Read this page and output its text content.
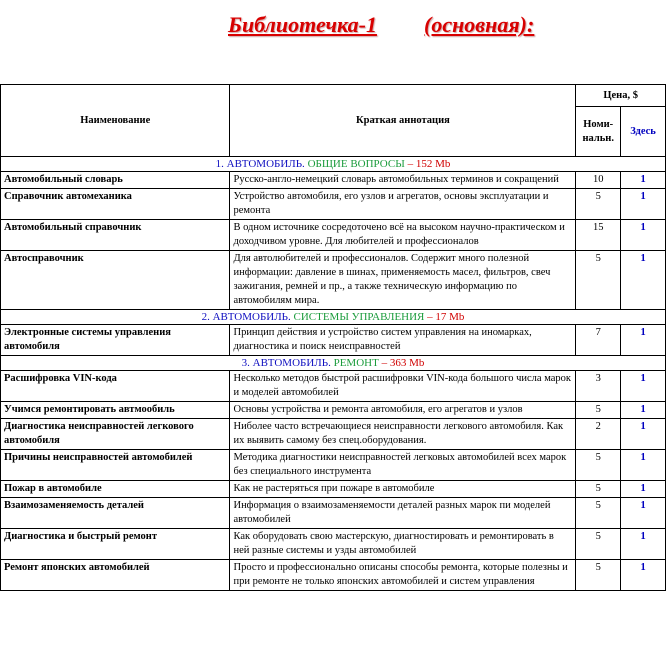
Библиотечка-1 (основная):
Наименование	Краткая аннотация	Цена, $	
		Номи-нальн.	Здесь
1. АВТОМОБИЛЬ. ОБЩИЕ ВОПРОСЫ – 152 Mb			
Автомобильный словарь	Русско-англо-немецкий словарь автомобильных терминов и сокращений	10	1
Справочник автомеханика	Устройство автомобиля, его узлов и агрегатов, основы эксплуатации и ремонта	5	1
Автомобильный справочник	В одном источнике сосредоточено всё на высоком научно-практическом и доходчивом уровне. Для любителей и профессионалов	15	1
Автосправочник	Для автолюбителей и профессионалов. Содержит много полезной информации: давление в шинах, применяемость масел, фильтров, свеч зажигания, ремней и пр., а также техническую информацию по автомобилям мира.	5	1
2. АВТОМОБИЛЬ. СИСТЕМЫ УПРАВЛЕНИЯ – 17 Mb			
Электронные системы управления автомобиля	Принцип действия и устройство систем управления на иномарках, диагностика и поиск неисправностей	7	1
3. АВТОМОБИЛЬ. РЕМОНТ – 363 Mb			
Расшифровка VIN-кода	Несколько методов быстрой расшифровки VIN-кода большого числа марок и моделей автомобилей	3	1
Учимся ремонтировать автмообиль	Основы устройства и ремонта автомобиля, его агрегатов и узлов	5	1
Диагностика неисправностей легкового автомобиля	Ниболее часто встречающиеся неисправности легкового автомобиля. Как их выявить самому без спец.оборудования.	2	1
Причины неисправностей автомобилей	Методика диагностики неисправностей легковых автомобилей всех марок без специального инструмента	5	1
Пожар в автомобиле	Как не растеряться при пожаре в автомобиле	5	1
Взаимозаменяемость деталей	Информация о взаимозаменяемости деталей разных марок пи моделей автомобилей	5	1
Диагностика и быстрый ремонт	Как оборудовать свою мастерскую, диагностировать и ремонтировать в ней разные системы и узды автомобилей	5	1
Ремонт японских автомобилей	Просто и профессионально описаны способы ремонта, которые полезны и при ремонте не только японских автомобилей и систем управления	5	1
